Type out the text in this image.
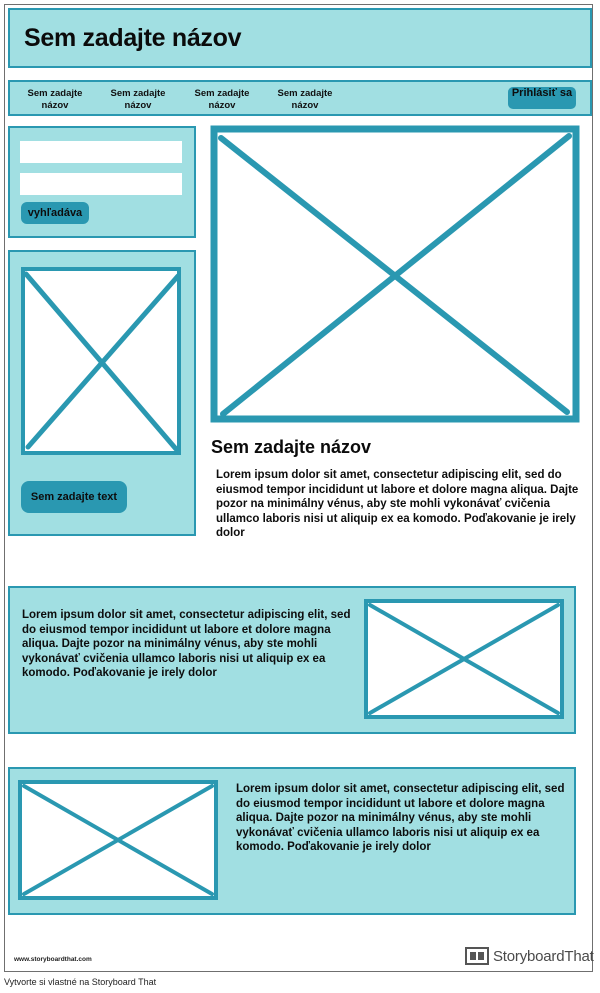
Sem zadajte názov
Sem zadajte názov
Sem zadajte názov
Sem zadajte názov
Sem zadajte názov
Prihlásiť sa
vyhľadáva
Sem zadajte text
Sem zadajte názov
Lorem ipsum dolor sit amet, consectetur adipiscing elit, sed do eiusmod tempor incididunt ut labore et dolore magna aliqua. Dajte pozor na minimálny vénus, aby ste mohli vykonávať cvičenia ullamco laboris nisi ut aliquip ex ea komodo. Poďakovanie je irely dolor
Lorem ipsum dolor sit amet, consectetur adipiscing elit, sed do eiusmod tempor incididunt ut labore et dolore magna aliqua. Dajte pozor na minimálny vénus, aby ste mohli vykonávať cvičenia ullamco laboris nisi ut aliquip ex ea komodo. Poďakovanie je irely dolor
Lorem ipsum dolor sit amet, consectetur adipiscing elit, sed do eiusmod tempor incididunt ut labore et dolore magna aliqua. Dajte pozor na minimálny vénus, aby ste mohli vykonávať cvičenia ullamco laboris nisi ut aliquip ex ea komodo. Poďakovanie je irely dolor
www.storyboardthat.com	StoryboardThat
Vytvorte si vlastné na Storyboard That
